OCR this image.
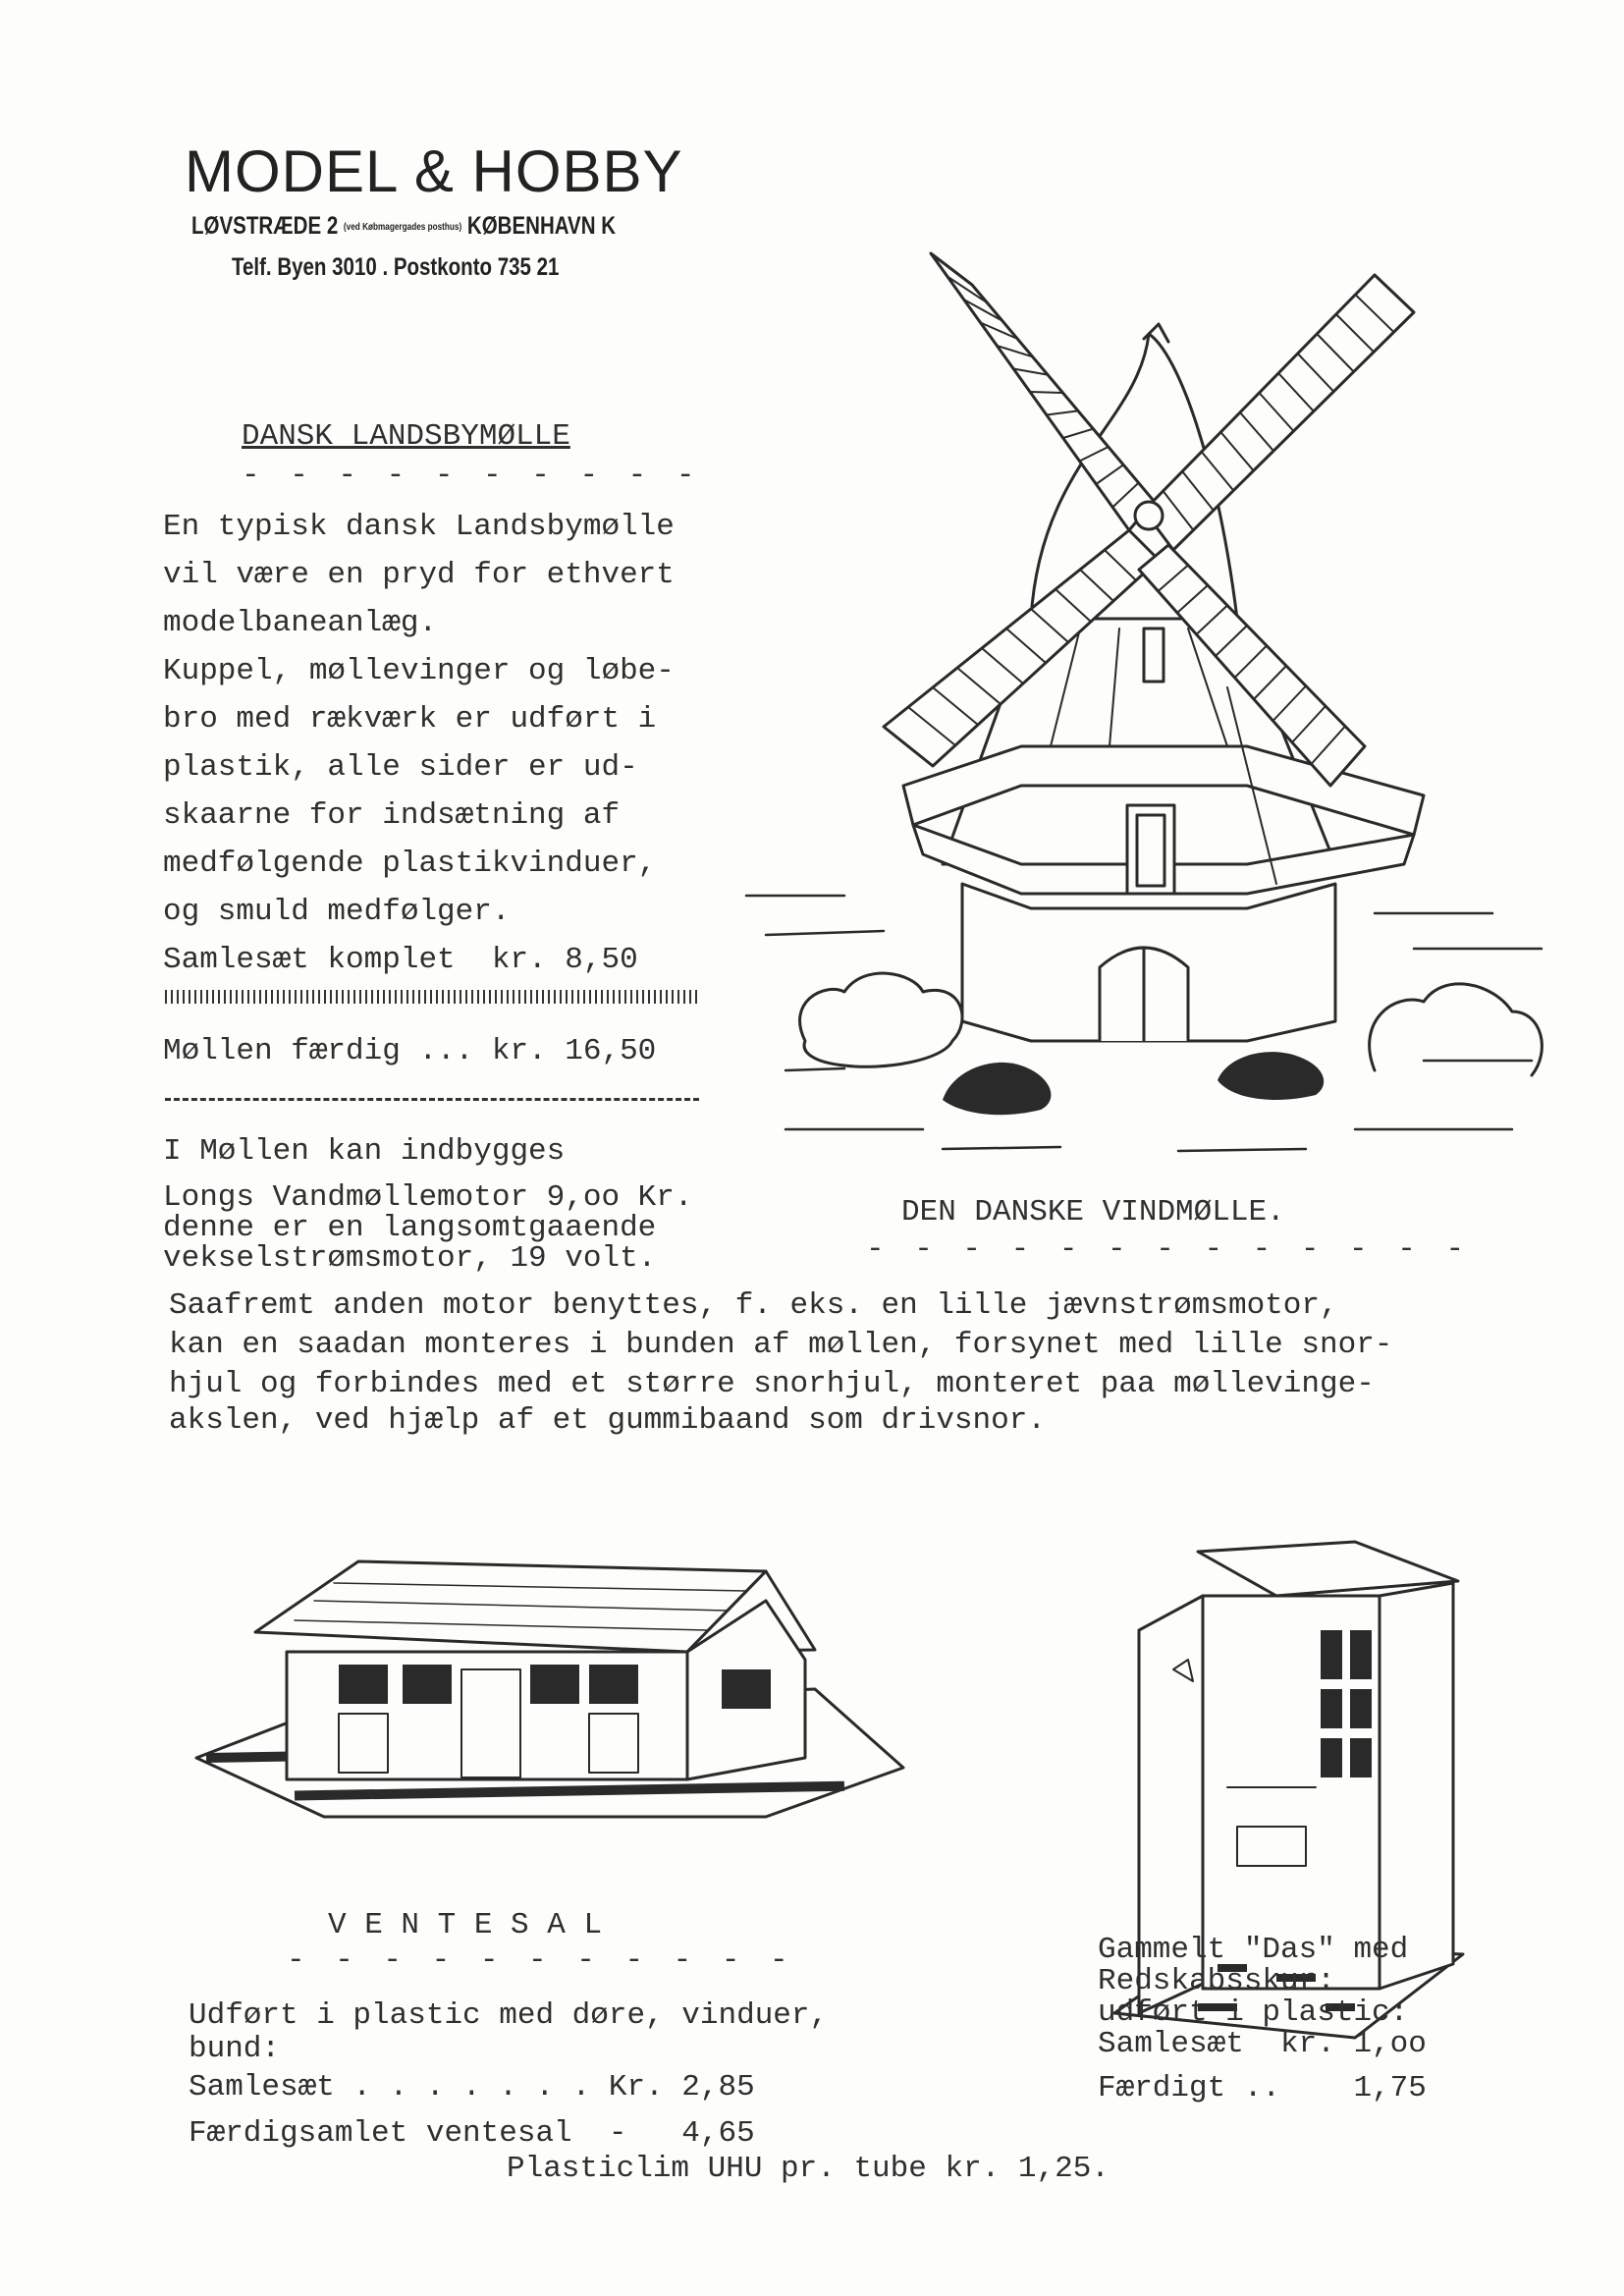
MODEL & HOBBY
LØVSTRÆDE 2 (ved Købmagergades posthus) KØBENHAVN K
Telf. Byen 3010 . Postkonto 735 21
DANSK LANDSBYMØLLE
- - - - - - - - - -
En typisk dansk Landsbymølle
vil være en pryd for ethvert
modelbaneanlæg.
Kuppel, møllevinger og løbe-
bro med rækværk er udført i
plastik, alle sider er ud-
skaarne for indsætning af
medfølgende plastikvinduer,
og smuld medfølger.
Samlesæt komplet  kr. 8,50
Møllen færdig ... kr. 16,50
I Møllen kan indbygges
Longs Vandmøllemotor 9,oo Kr.
denne er en langsomtgaaende
vekselstrømsmotor, 19 volt.
DEN DANSKE VINDMØLLE.
- - - - - - - - - - - - -
Saafremt anden motor benyttes, f. eks. en lille jævnstrømsmotor,
kan en saadan monteres i bunden af møllen, forsynet med lille snor-
hjul og forbindes med et større snorhjul, monteret paa møllevinge-
akslen, ved hjælp af et gummibaand som drivsnor.
V E N T E S A L
- - - - - - - - - - -
Udført i plastic med døre, vinduer,
bund:
Samlesæt . . . . . . . Kr. 2,85
Færdigsamlet ventesal  -   4,65
Gammelt "Das" med
Redskabsskur:
udført i plastic:
Samlesæt  kr. 1,oo
Færdigt ..    1,75
Plasticlim UHU pr. tube kr. 1,25.
